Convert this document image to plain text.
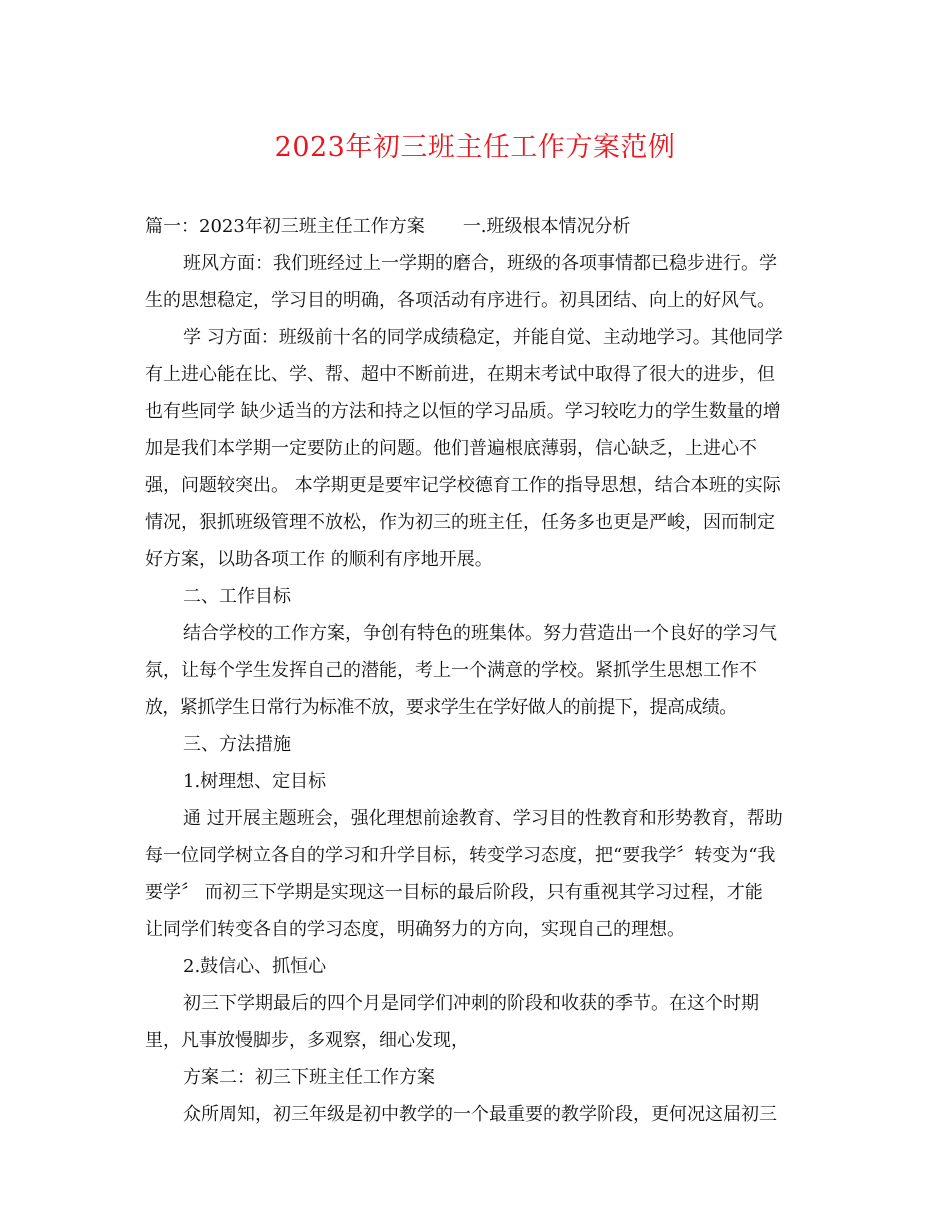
2023年初三班主任工作方案范例

篇一：2023年初三班主任工作方案 一.班级根本情况分析

班风方面：我们班经过上一学期的磨合，班级的各项事情都已稳步进行。学

生的思想稳定，学习目的明确，各项活动有序进行。初具团结、向上的好风气。

学 习方面：班级前十名的同学成绩稳定，并能自觉、主动地学习。其他同学

有上进心能在比、学、帮、超中不断前进，在期末考试中取得了很大的进步，但

也有些同学 缺少适当的方法和持之以恒的学习品质。学习较吃力的学生数量的增

加是我们本学期一定要防止的问题。他们普遍根底薄弱，信心缺乏，上进心不

强，问题较突出。 本学期更是要牢记学校德育工作的指导思想，结合本班的实际

情况，狠抓班级管理不放松，作为初三的班主任，任务多也更是严峻，因而制定

好方案，以助各项工作 的顺利有序地开展。

二、工作目标

结合学校的工作方案，争创有特色的班集体。努力营造出一个良好的学习气

氛，让每个学生发挥自己的潜能，考上一个满意的学校。紧抓学生思想工作不

放，紧抓学生日常行为标准不放，要求学生在学好做人的前提下，提高成绩。

三、方法措施

1.树理想、定目标

通 过开展主题班会，强化理想前途教育、学习目的性教育和形势教育，帮助

每一位同学树立各自的学习和升学目标，转变学习态度，把“要我学〞转变为“我

要学〞 而初三下学期是实现这一目标的最后阶段，只有重视其学习过程，才能

让同学们转变各自的学习态度，明确努力的方向，实现自己的理想。

2.鼓信心、抓恒心

初三下学期最后的四个月是同学们冲刺的阶段和收获的季节。在这个时期

里，凡事放慢脚步，多观察，细心发现，

方案二：初三下班主任工作方案

众所周知，初三年级是初中教学的一个最重要的教学阶段，更何况这届初三
